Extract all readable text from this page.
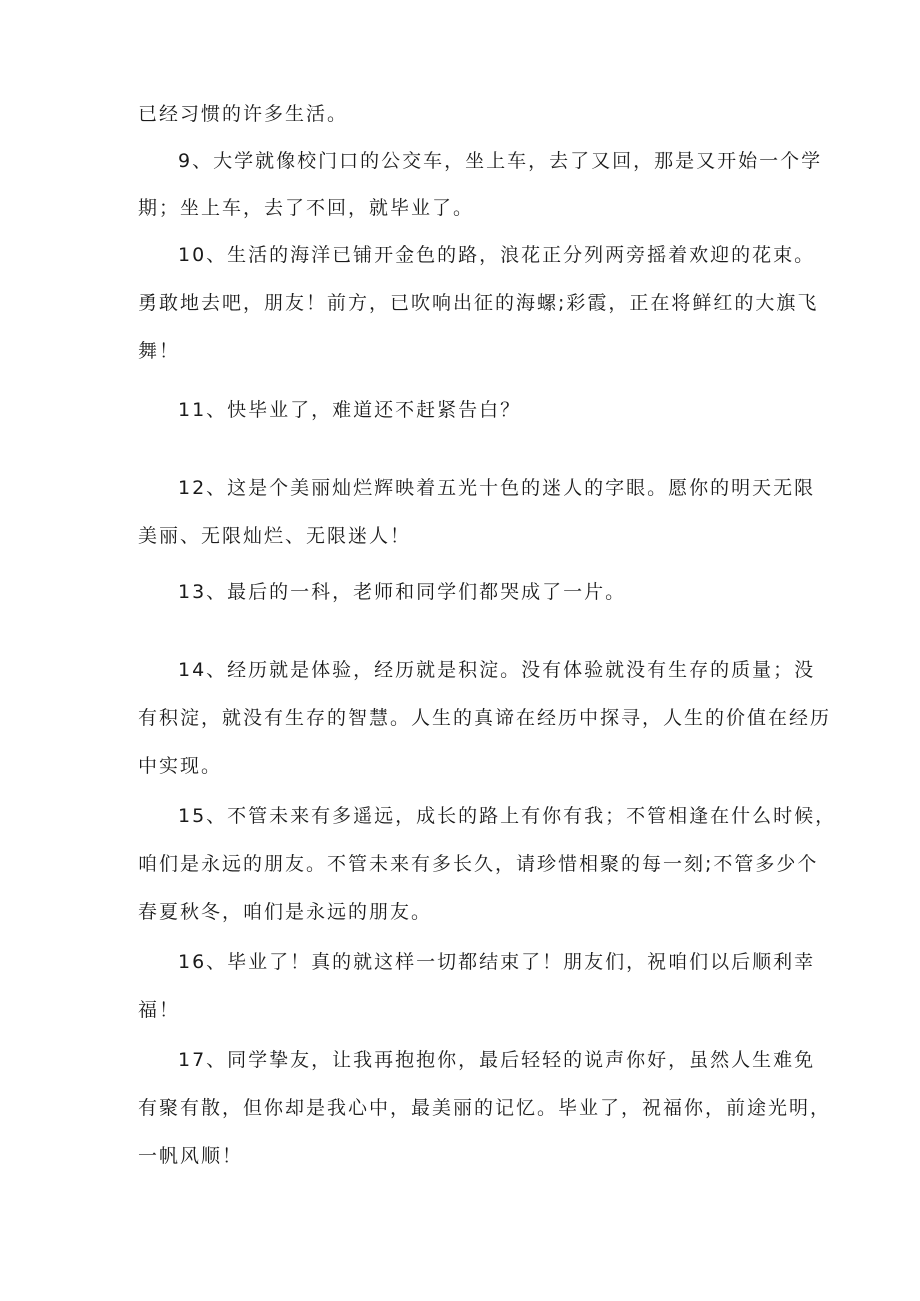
已经习惯的许多生活。
9、大学就像校门口的公交车，坐上车，去了又回，那是又开始一个学
期；坐上车，去了不回，就毕业了。
10、生活的海洋已铺开金色的路，浪花正分列两旁摇着欢迎的花束。
勇敢地去吧，朋友！前方，已吹响出征的海螺;彩霞，正在将鲜红的大旗飞
舞！
11、快毕业了，难道还不赶紧告白？
12、这是个美丽灿烂辉映着五光十色的迷人的字眼。愿你的明天无限
美丽、无限灿烂、无限迷人！
13、最后的一科，老师和同学们都哭成了一片。
14、经历就是体验，经历就是积淀。没有体验就没有生存的质量；没
有积淀，就没有生存的智慧。人生的真谛在经历中探寻，人生的价值在经历
中实现。
15、不管未来有多遥远，成长的路上有你有我；不管相逢在什么时候，
咱们是永远的朋友。不管未来有多长久，请珍惜相聚的每一刻;不管多少个
春夏秋冬，咱们是永远的朋友。
16、毕业了！真的就这样一切都结束了！朋友们，祝咱们以后顺利幸
福！
17、同学挚友，让我再抱抱你，最后轻轻的说声你好，虽然人生难免
有聚有散，但你却是我心中，最美丽的记忆。毕业了，祝福你，前途光明，
一帆风顺！
